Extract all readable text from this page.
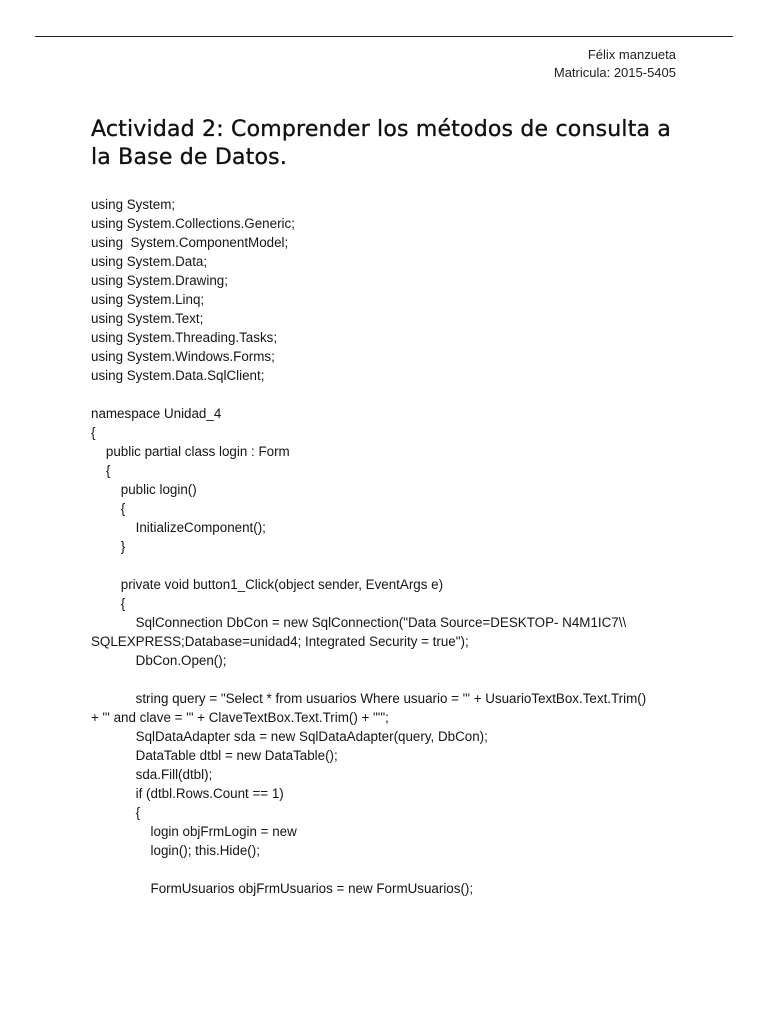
Félix manzueta
Matricula: 2015-5405
Actividad 2: Comprender los métodos de consulta a la Base de Datos.
using System;
using System.Collections.Generic;
using  System.ComponentModel;
using System.Data;
using System.Drawing;
using System.Linq;
using System.Text;
using System.Threading.Tasks;
using System.Windows.Forms;
using System.Data.SqlClient;
namespace Unidad_4
{
public partial class login : Form
{
public login()
{
InitializeComponent();
}
private void button1_Click(object sender, EventArgs e)
{
SqlConnection DbCon = new SqlConnection("Data Source=DESKTOP- N4M1IC7\\
SQLEXPRESS;Database=unidad4; Integrated Security = true");
DbCon.Open();
string query = "Select * from usuarios Where usuario = '" + UsuarioTextBox.Text.Trim()
+ "' and clave = '" + ClaveTextBox.Text.Trim() + "'";
SqlDataAdapter sda = new SqlDataAdapter(query, DbCon);
DataTable dtbl = new DataTable();
sda.Fill(dtbl);
if (dtbl.Rows.Count == 1)
{
login objFrmLogin = new
login(); this.Hide();
FormUsuarios objFrmUsuarios = new FormUsuarios();
